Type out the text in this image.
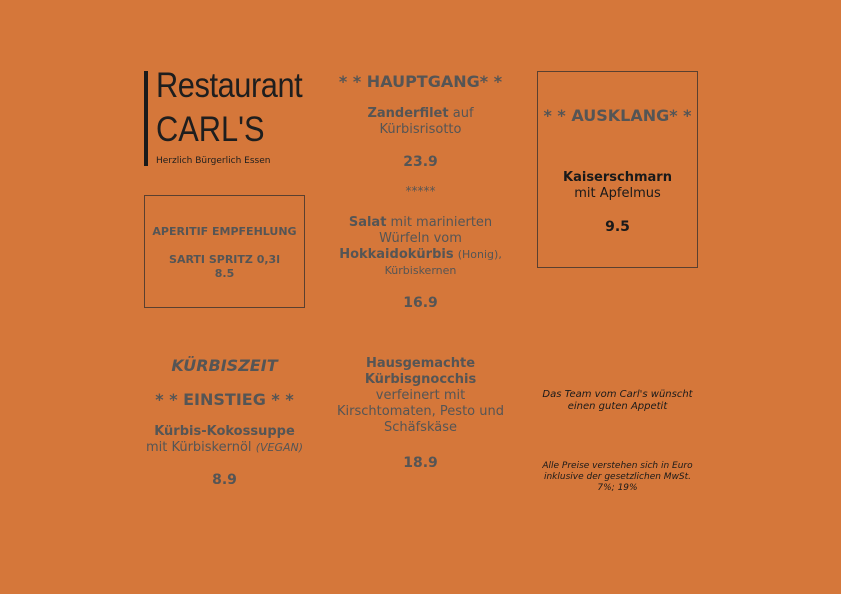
Restaurant
CARL'S
Herzlich Bürgerlich Essen
APERITIF EMPFEHLUNG
SARTI SPRITZ 0,3l
8.5
KÜRBISZEIT
* * EINSTIEG * *
Kürbis-Kokossuppe
mit Kürbiskernöl (VEGAN)
8.9
* * HAUPTGANG* *
Zanderfilet auf
Kürbisrisotto
23.9
*****
Salat mit marinierten
Würfeln vom
Hokkaidokürbis (Honig),
Kürbiskernen
16.9
Hausgemachte
Kürbisgnocchis
verfeinert mit
Kirschtomaten, Pesto und
Schäfskäse
18.9
* * AUSKLANG* *
Kaiserschmarn
mit Apfelmus
9.5
Das Team vom Carl's wünscht
einen guten Appetit
Alle Preise verstehen sich in Euro
inklusive der gesetzlichen MwSt.
7%; 19%
